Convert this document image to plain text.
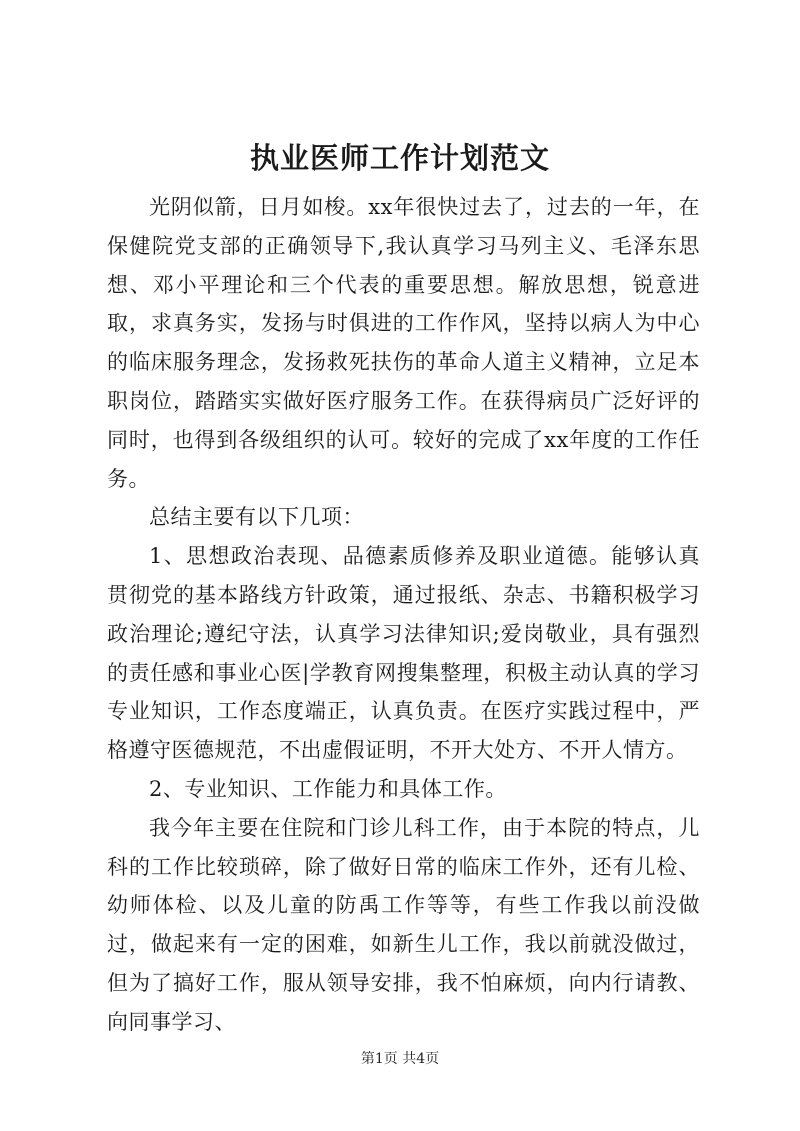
执业医师工作计划范文

光阴似箭，日月如梭。xx年很快过去了，过去的一年，在保健院党支部的正确领导下,我认真学习马列主义、毛泽东思想、邓小平理论和三个代表的重要思想。解放思想，锐意进取，求真务实，发扬与时俱进的工作作风，坚持以病人为中心的临床服务理念，发扬救死扶伤的革命人道主义精神，立足本职岗位，踏踏实实做好医疗服务工作。在获得病员广泛好评的同时，也得到各级组织的认可。较好的完成了xx年度的工作任务。

总结主要有以下几项：

1、思想政治表现、品德素质修养及职业道德。能够认真贯彻党的基本路线方针政策，通过报纸、杂志、书籍积极学习政治理论;遵纪守法，认真学习法律知识;爱岗敬业，具有强烈的责任感和事业心医|学教育网搜集整理，积极主动认真的学习专业知识，工作态度端正，认真负责。在医疗实践过程中，严格遵守医德规范，不出虚假证明，不开大处方、不开人情方。

2、专业知识、工作能力和具体工作。

我今年主要在住院和门诊儿科工作，由于本院的特点，儿科的工作比较琐碎，除了做好日常的临床工作外，还有儿检、幼师体检、以及儿童的防禹工作等等，有些工作我以前没做过，做起来有一定的困难，如新生儿工作，我以前就没做过，但为了搞好工作，服从领导安排，我不怕麻烦，向内行请教、向同事学习、

第1页 共4页
